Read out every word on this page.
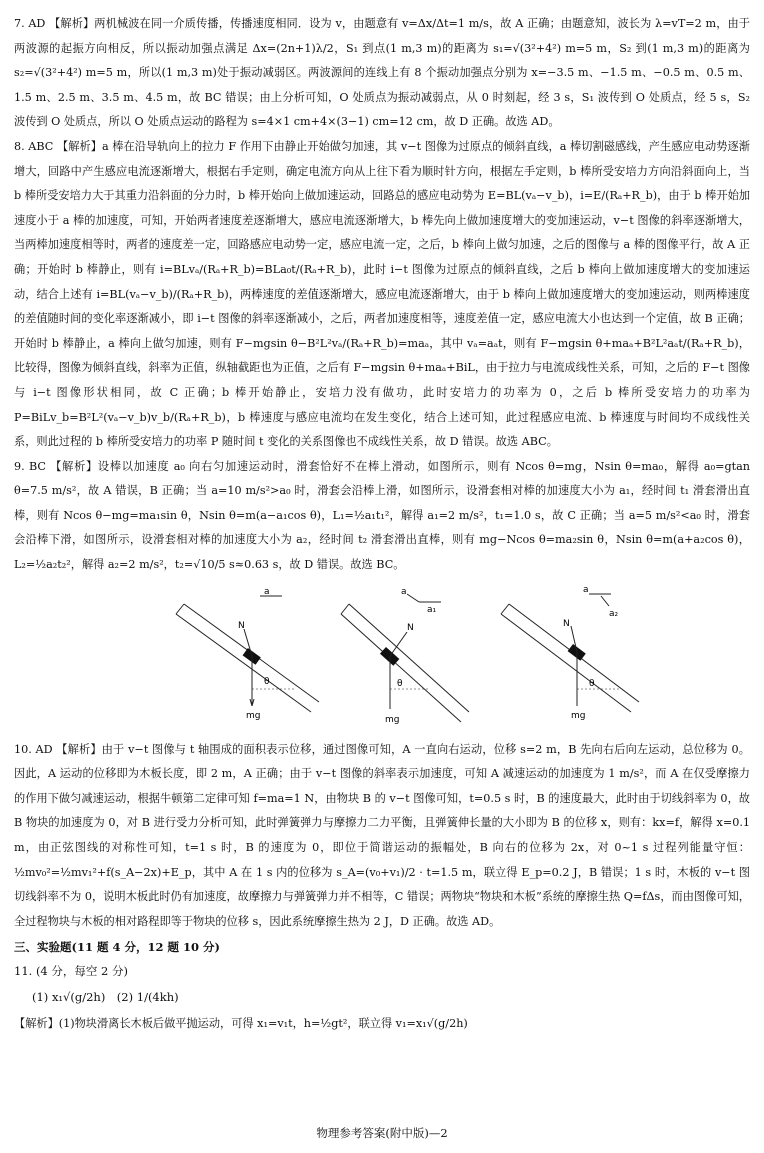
7. AD 【解析】两机械波在同一介质传播，传播速度相同．设为 v，由题意有 v=Δx/Δt=1 m/s，故 A 正确；由题意知，波长为 λ=vT=2 m，由于两波源的起振方向相反，所以振动加强点满足 Δx=(2n+1)λ/2，S₁ 到点(1 m,3 m)的距离为 s₁=√(3²+4²) m=5 m，S₂ 到(1 m,3 m)的距离为 s₂=√(3²+4²) m=5 m，所以(1 m,3 m)处于振动减弱区。两波源间的连线上有 8 个振动加强点分别为 x=−3.5 m、−1.5 m、−0.5 m、0.5 m、1.5 m、2.5 m、3.5 m、4.5 m，故 BC 错误；由上分析可知，O 处质点为振动减弱点，从 0 时刻起，经 3 s，S₁ 波传到 O 处质点，经 5 s，S₂ 波传到 O 处质点，所以 O 处质点运动的路程为 s=4×1 cm+4×(3−1) cm=12 cm，故 D 正确。故选 AD。

8. ABC 【解析】a 棒在沿导轨向上的拉力 F 作用下由静止开始做匀加速，其 v−t 图像为过原点的倾斜直线，a 棒切割磁感线，产生感应电动势逐渐增大，回路中产生感应电流逐渐增大，根据右手定则，确定电流方向从上往下看为顺时针方向，根据左手定则，b 棒所受安培力方向沿斜面向上，当 b 棒所受安培力大于其重力沿斜面的分力时，b 棒开始向上做加速运动，回路总的感应电动势为 E=BL(vₐ−v_b)，i=E/(Rₐ+R_b)，由于 b 棒开始加速度小于 a 棒的加速度，可知，开始两者速度差逐渐增大，感应电流逐渐增大，b 棒先向上做加速度增大的变加速运动，v−t 图像的斜率逐渐增大，当两棒加速度相等时，两者的速度差一定，回路感应电动势一定，感应电流一定，之后，b 棒向上做匀加速，之后的图像与 a 棒的图像平行，故 A 正确；开始时 b 棒静止，则有 i=BLvₐ/(Rₐ+R_b)=BLa₀t/(Rₐ+R_b)，此时 i−t 图像为过原点的倾斜直线，之后 b 棒向上做加速度增大的变加速运动，结合上述有 i=BL(vₐ−v_b)/(Rₐ+R_b)，两棒速度的差值逐渐增大，感应电流逐渐增大，由于 b 棒向上做加速度增大的变加速运动，则两棒速度的差值随时间的变化率逐渐减小，即 i−t 图像的斜率逐渐减小，之后，两者加速度相等，速度差值一定，感应电流大小也达到一个定值，故 B 正确；开始时 b 棒静止，a 棒向上做匀加速，则有 F−mgsin θ−B²L²vₐ/(Rₐ+R_b)=maₐ，其中 vₐ=aₐt，则有 F−mgsin θ+maₐ+B²L²aₐt/(Rₐ+R_b)，比较得，图像为倾斜直线，斜率为正值，纵轴截距也为正值，之后有 F−mgsin θ+maₐ+BiL，由于拉力与电流成线性关系，可知，之后的 F−t 图像与 i−t 图像形状相同，故 C 正确；b 棒开始静止，安培力没有做功，此时安培力的功率为 0，之后 b 棒所受安培力的功率为 P=BiLv_b=B²L²(vₐ−v_b)v_b/(Rₐ+R_b)，b 棒速度与感应电流均在发生变化，结合上述可知，此过程感应电流、b 棒速度与时间均不成线性关系，则此过程的 b 棒所受安培力的功率 P 随时间 t 变化的关系图像也不成线性关系，故 D 错误。故选 ABC。

9. BC 【解析】设棒以加速度 a₀ 向右匀加速运动时，滑套恰好不在棒上滑动，如图所示，则有 Ncos θ=mg，Nsin θ=ma₀，解得 a₀=gtan θ=7.5 m/s²，故 A 错误，B 正确；当 a=10 m/s²>a₀ 时，滑套会沿棒上滑，如图所示，设滑套相对棒的加速度大小为 a₁，经时间 t₁ 滑套滑出直棒，则有 Ncos θ−mg=ma₁sin θ，Nsin θ=m(a−a₁cos θ)，L₁=½a₁t₁²，解得 a₁=2 m/s²，t₁=1.0 s，故 C 正确；当 a=5 m/s²<a₀ 时，滑套会沿棒下滑，如图所示，设滑套相对棒的加速度大小为 a₂，经时间 t₂ 滑套滑出直棒，则有 mg−Ncos θ=ma₂sin θ，Nsin θ=m(a+a₂cos θ)，L₂=½a₂t₂²，解得 a₂=2 m/s²，t₂=√10/5 s≈0.63 s，故 D 错误。故选 BC。

a
N
θ
mg
a
a₁
N
θ
mg
a
a₂
N
θ
mg

10. AD 【解析】由于 v−t 图像与 t 轴围成的面积表示位移，通过图像可知，A 一直向右运动，位移 s=2 m，B 先向右后向左运动，总位移为 0。因此，A 运动的位移即为木板长度，即 2 m，A 正确；由于 v−t 图像的斜率表示加速度，可知 A 减速运动的加速度为 1 m/s²，而 A 在仅受摩擦力的作用下做匀减速运动，根据牛顿第二定律可知 f=ma=1 N，由物块 B 的 v−t 图像可知，t=0.5 s 时，B 的速度最大，此时由于切线斜率为 0，故 B 物块的加速度为 0，对 B 进行受力分析可知，此时弹簧弹力与摩擦力二力平衡，且弹簧伸长量的大小即为 B 的位移 x，则有：kx=f，解得 x=0.1 m，由正弦图线的对称性可知，t=1 s 时，B 的速度为 0，即位于简谐运动的振幅处，B 向右的位移为 2x，对 0~1 s 过程列能量守恒：½mv₀²=½mv₁²+f(s_A−2x)+E_p，其中 A 在 1 s 内的位移为 s_A=(v₀+v₁)/2 · t=1.5 m，联立得 E_p=0.2 J，B 错误；1 s 时，木板的 v−t 图切线斜率不为 0，说明木板此时仍有加速度，故摩擦力与弹簧弹力并不相等，C 错误；两物块“物块和木板”系统的摩擦生热 Q=fΔs，而由图像可知，全过程物块与木板的相对路程即等于物块的位移 s，因此系统摩擦生热为 2 J，D 正确。故选 AD。

三、实验题(11 题 4 分，12 题 10 分)
11. (4 分，每空 2 分)
(1) x₁√(g/2h)　(2) 1/(4kh)

【解析】(1)物块滑离长木板后做平抛运动，可得 x₁=v₁t，h=½gt²，联立得 v₁=x₁√(g/2h)

物理参考答案(附中版)—2
